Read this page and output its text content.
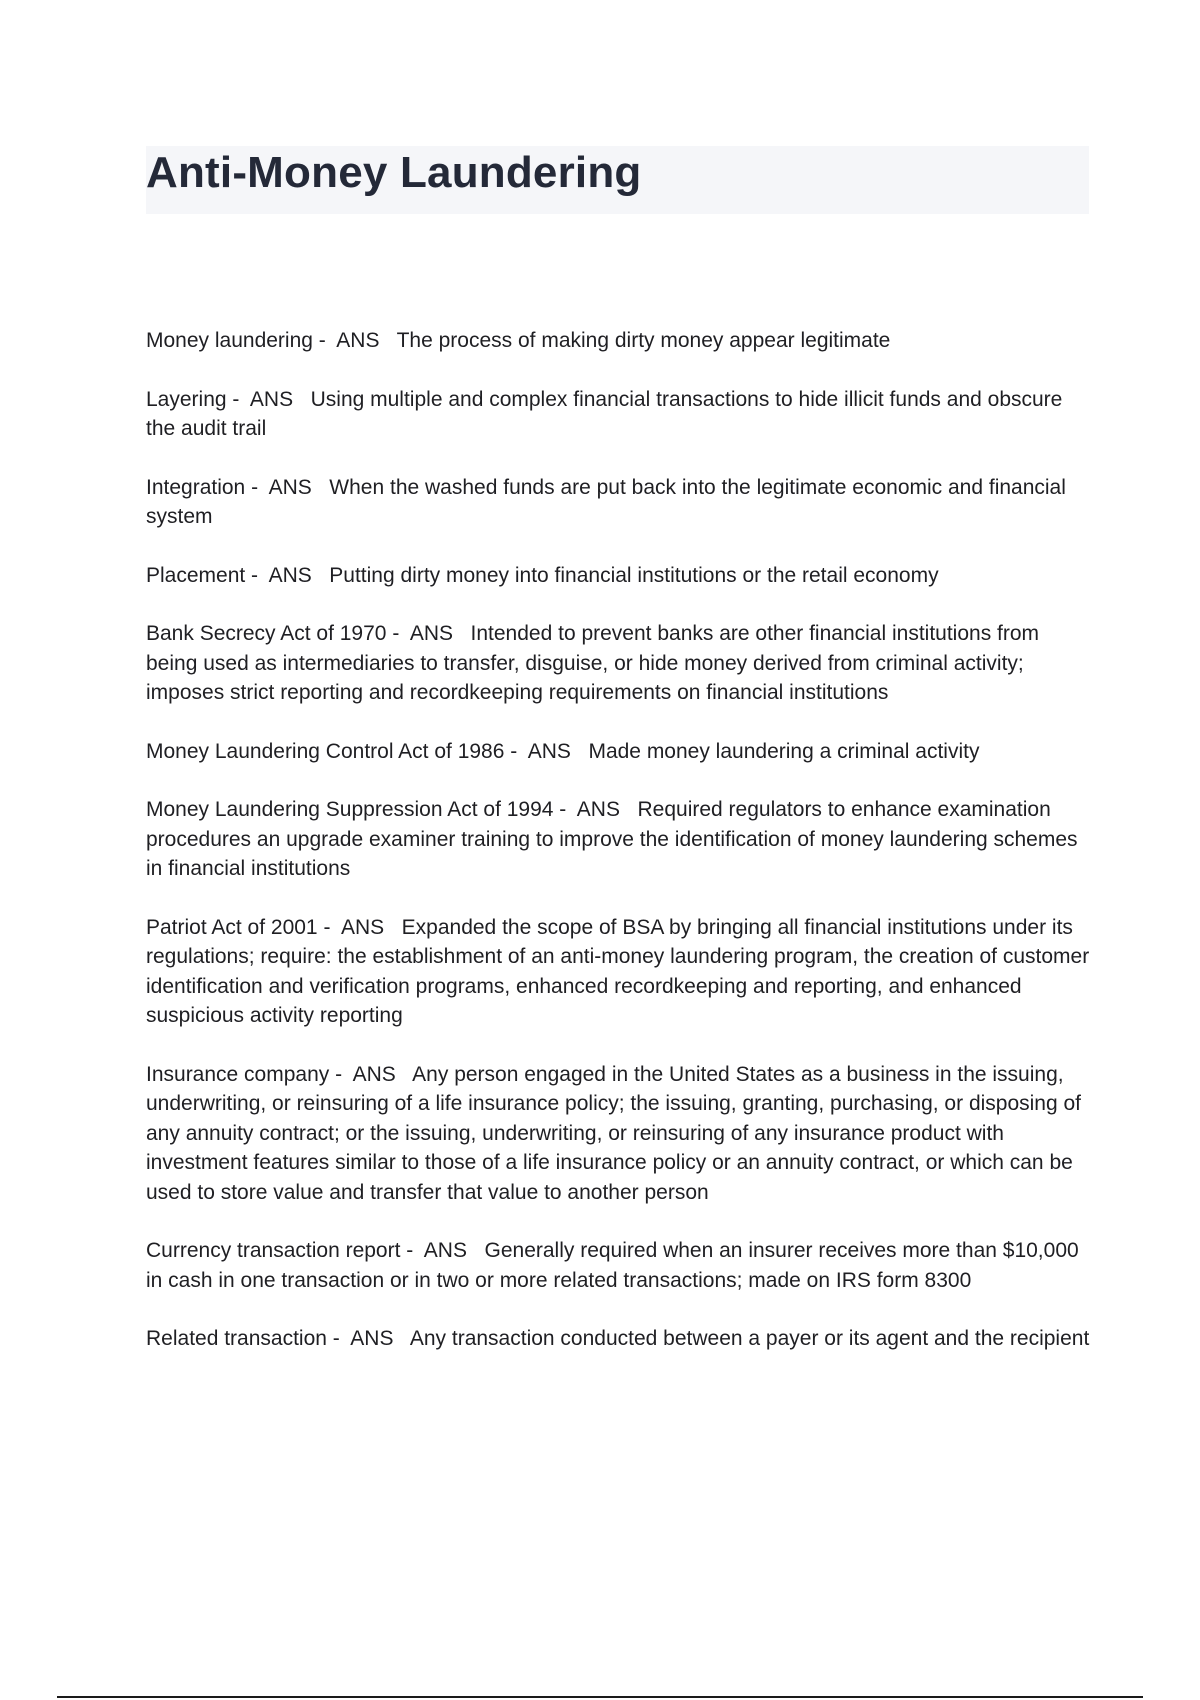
Anti-Money Laundering

Money laundering -  ANS The process of making dirty money appear legitimate

Layering -  ANS Using multiple and complex financial transactions to hide illicit funds and obscure the audit trail

Integration -  ANS When the washed funds are put back into the legitimate economic and financial system

Placement -  ANS Putting dirty money into financial institutions or the retail economy

Bank Secrecy Act of 1970 -  ANS Intended to prevent banks are other financial institutions from being used as intermediaries to transfer, disguise, or hide money derived from criminal activity; imposes strict reporting and recordkeeping requirements on financial institutions

Money Laundering Control Act of 1986 -  ANS Made money laundering a criminal activity

Money Laundering Suppression Act of 1994 -  ANS Required regulators to enhance examination procedures an upgrade examiner training to improve the identification of money laundering schemes in financial institutions

Patriot Act of 2001 -  ANS Expanded the scope of BSA by bringing all financial institutions under its regulations; require: the establishment of an anti-money laundering program, the creation of customer identification and verification programs, enhanced recordkeeping and reporting, and enhanced suspicious activity reporting

Insurance company -  ANS Any person engaged in the United States as a business in the issuing, underwriting, or reinsuring of a life insurance policy; the issuing, granting, purchasing, or disposing of any annuity contract; or the issuing, underwriting, or reinsuring of any insurance product with investment features similar to those of a life insurance policy or an annuity contract, or which can be used to store value and transfer that value to another person

Currency transaction report -  ANS Generally required when an insurer receives more than $10,000 in cash in one transaction or in two or more related transactions; made on IRS form 8300

Related transaction -  ANS Any transaction conducted between a payer or its agent and the recipient
